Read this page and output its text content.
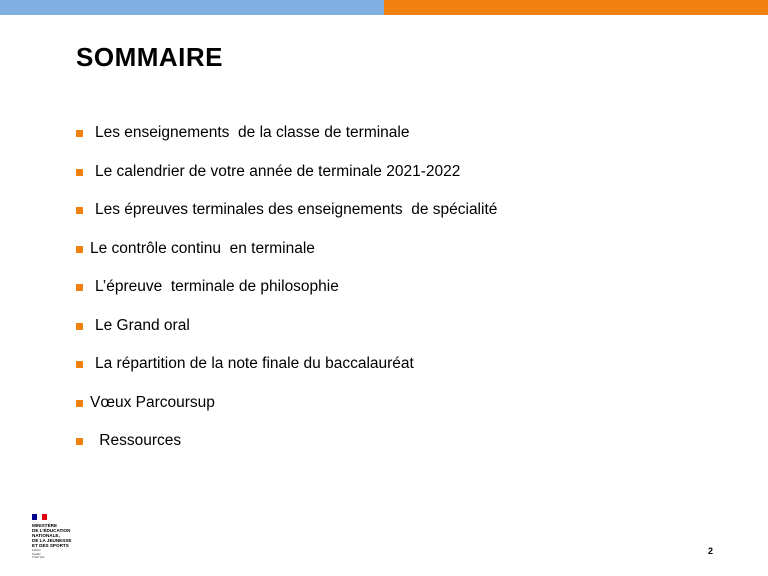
SOMMAIRE
Les enseignements  de la classe de terminale
Le calendrier de votre année de terminale 2021-2022
Les épreuves terminales des enseignements  de spécialité
Le contrôle continu  en terminale
L’épreuve  terminale de philosophie
Le Grand oral
La répartition de la note finale du baccalauréat
Vœux Parcoursup
Ressources
MINISTÈRE
DE L’ÉDUCATION
NATIONALE,
DE LA JEUNESSE
ET DES SPORTS
Liberté
Égalité
Fraternité
2
